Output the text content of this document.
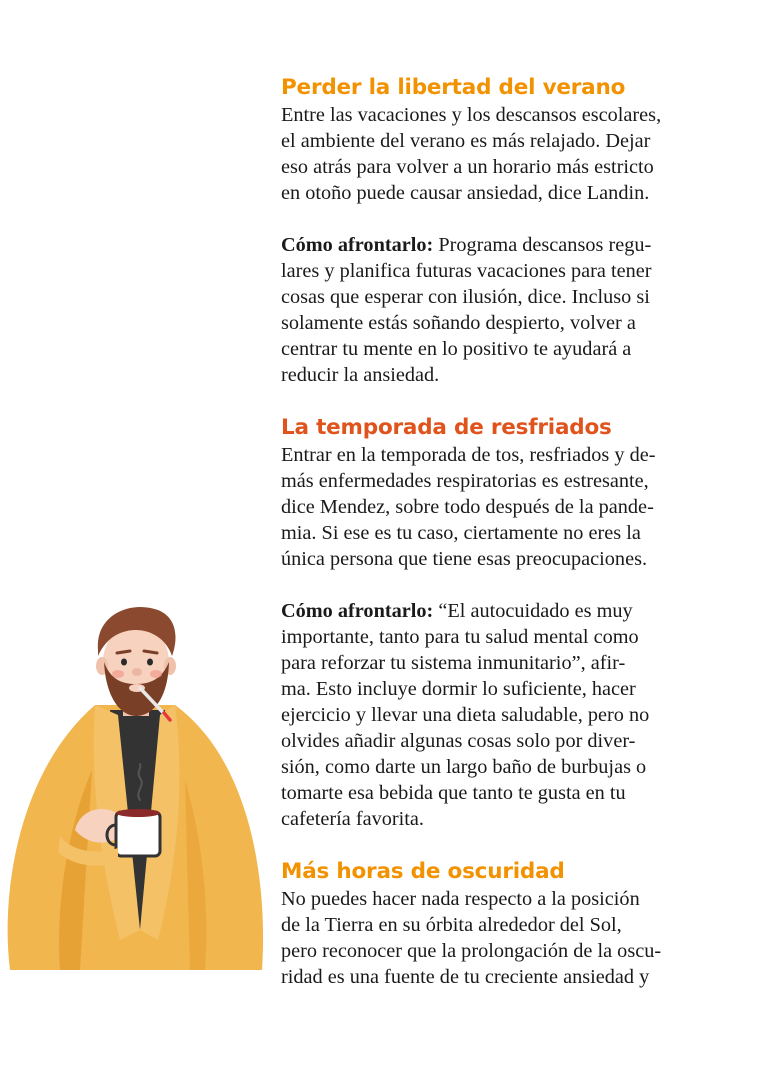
Perder la libertad del verano

Entre las vacaciones y los descansos escolares,
el ambiente del verano es más relajado. Dejar
eso atrás para volver a un horario más estricto
en otoño puede causar ansiedad, dice Landin.

Cómo afrontarlo: Programa descansos regu-
lares y planifica futuras vacaciones para tener
cosas que esperar con ilusión, dice. Incluso si
solamente estás soñando despierto, volver a
centrar tu mente en lo positivo te ayudará a
reducir la ansiedad.

La temporada de resfriados

Entrar en la temporada de tos, resfriados y de-
más enfermedades respiratorias es estresante,
dice Mendez, sobre todo después de la pande-
mia. Si ese es tu caso, ciertamente no eres la
única persona que tiene esas preocupaciones.

Cómo afrontarlo: “El autocuidado es muy
importante, tanto para tu salud mental como
para reforzar tu sistema inmunitario”, afir-
ma. Esto incluye dormir lo suficiente, hacer
ejercicio y llevar una dieta saludable, pero no
olvides añadir algunas cosas solo por diver-
sión, como darte un largo baño de burbujas o
tomarte esa bebida que tanto te gusta en tu
cafetería favorita.

Más horas de oscuridad

No puedes hacer nada respecto a la posición
de la Tierra en su órbita alrededor del Sol,
pero reconocer que la prolongación de la oscu-
ridad es una fuente de tu creciente ansiedad y
